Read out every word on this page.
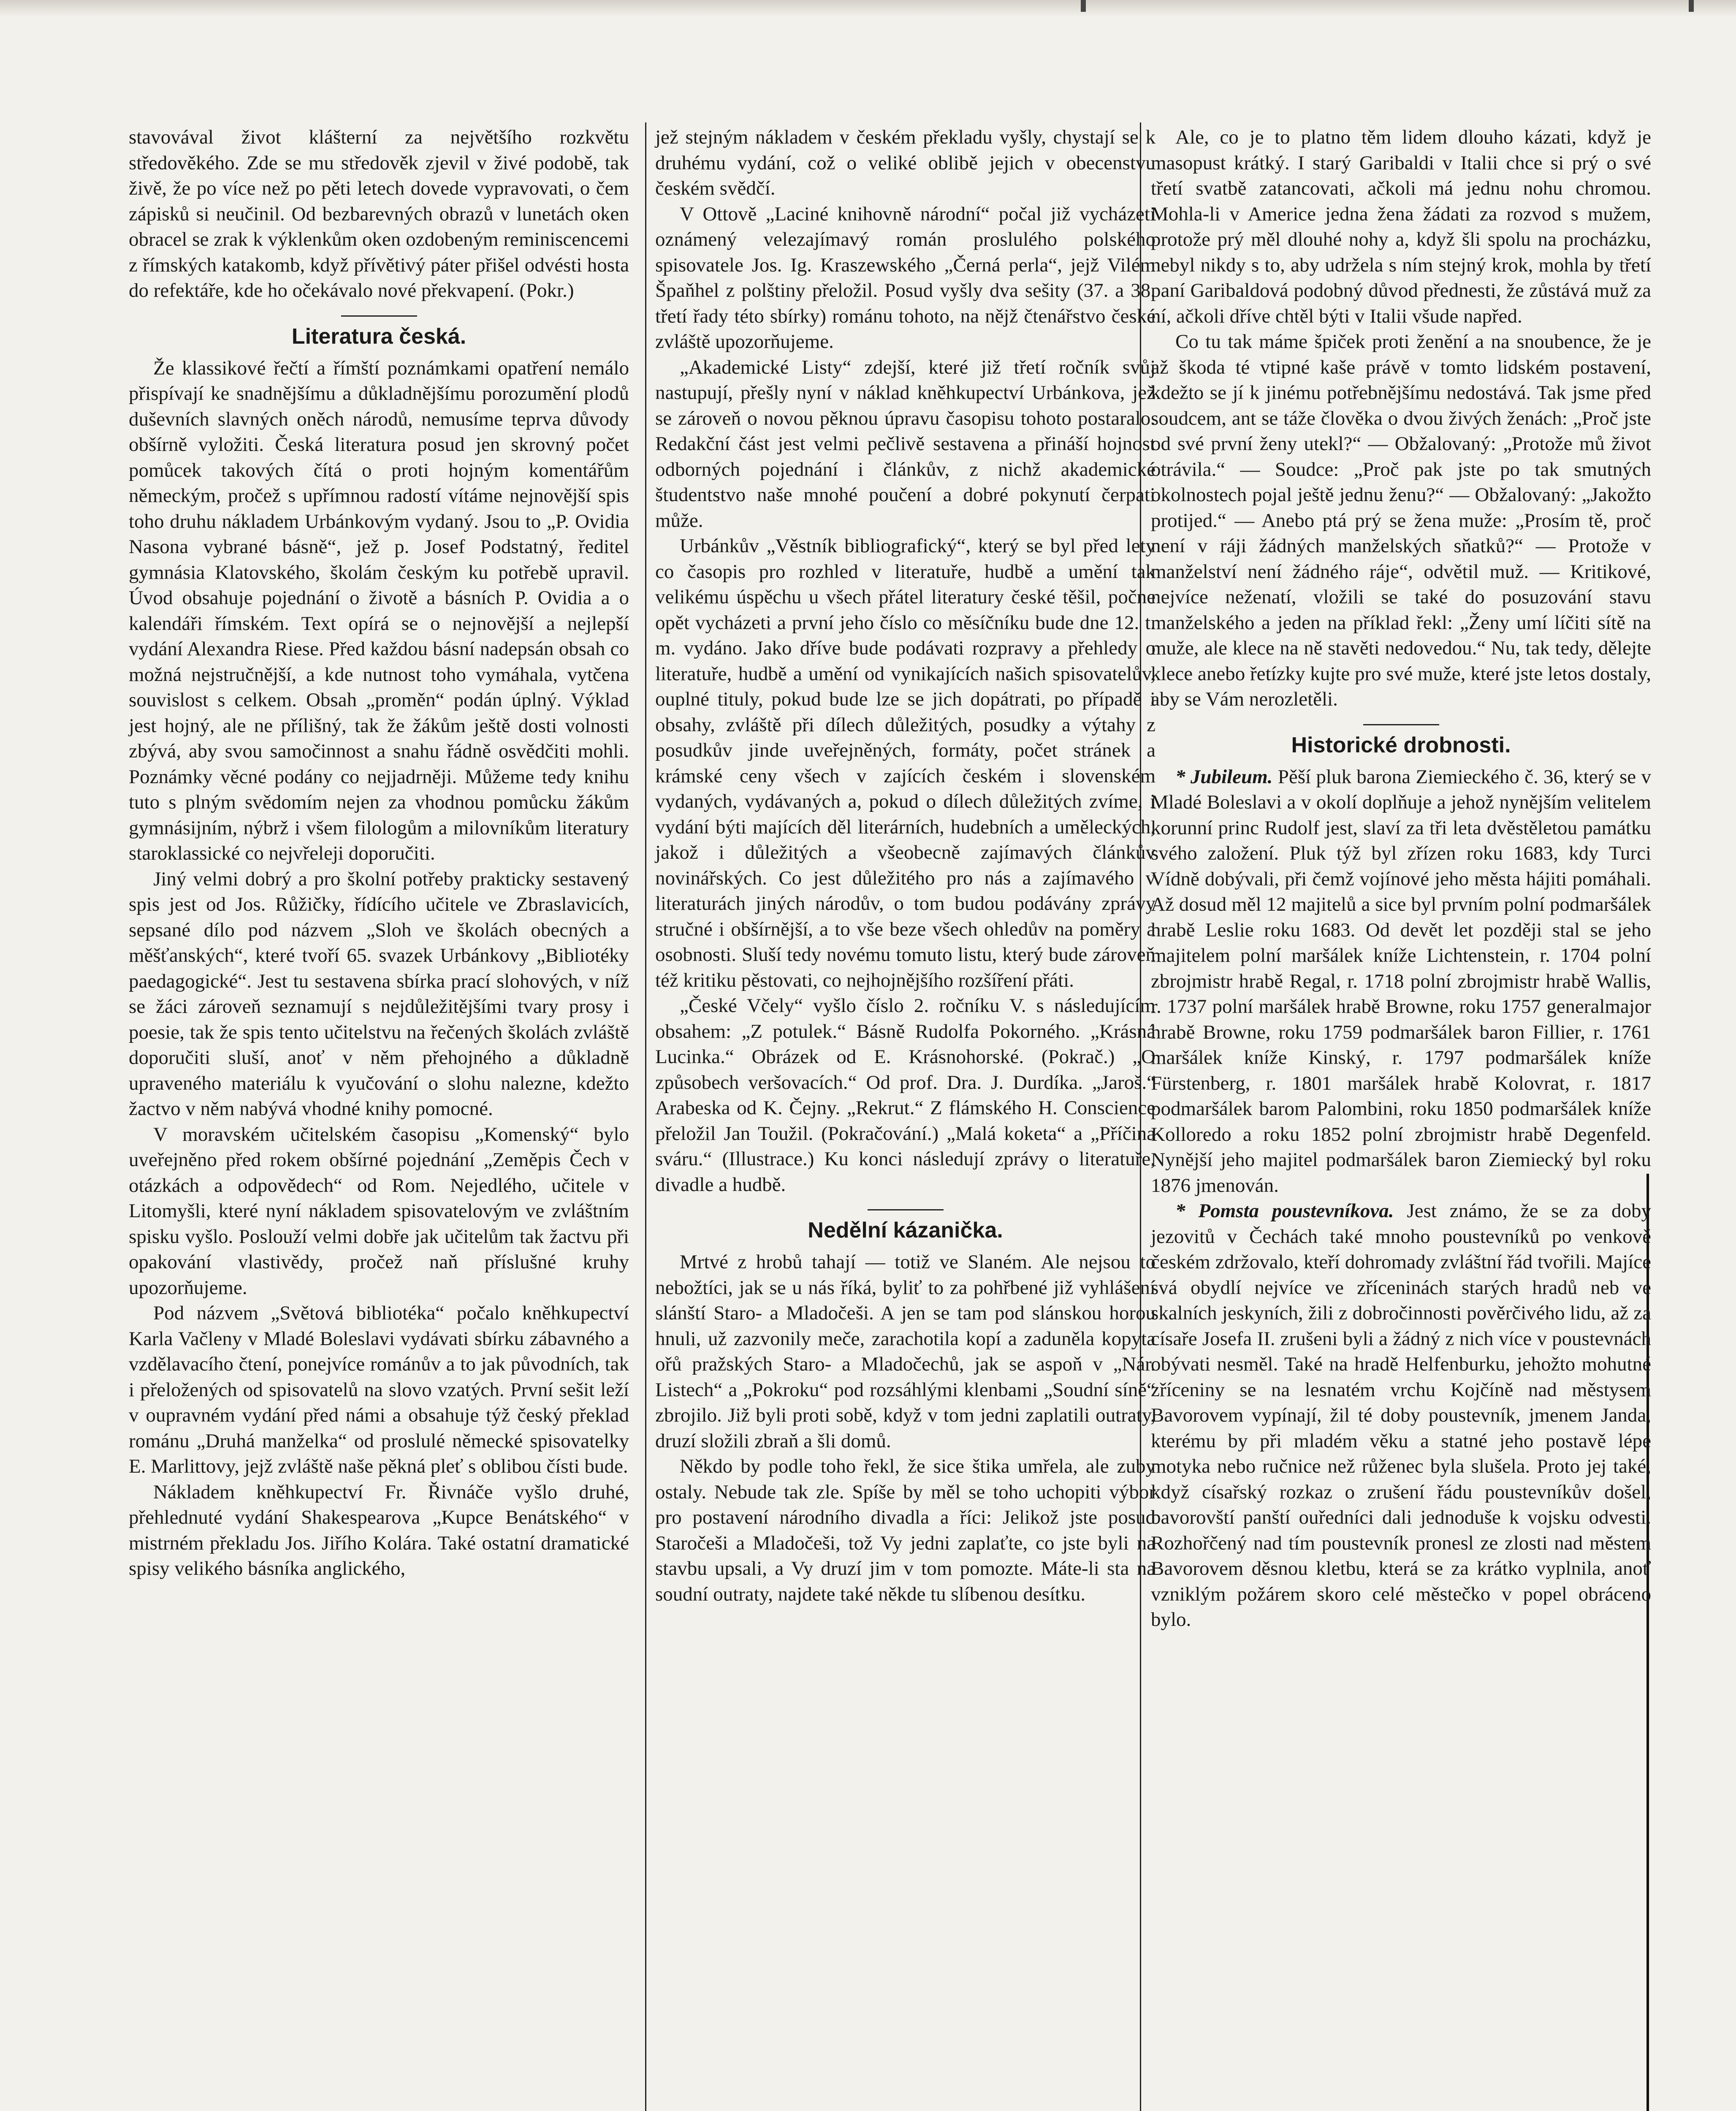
stavovával život klášterní za největšího rozkvětu středověkého. Zde se mu středověk zjevil v živé podobě, tak živě, že po více než po pěti letech dovede vypravovati, o čem zápisků si neučinil. Od bezbarevných obrazů v lunetách oken obracel se zrak k výklenkům oken ozdobeným reminiscencemi z římských katakomb, když přívětivý páter přišel odvésti hosta do refektáře, kde ho očekávalo nové překvapení. (Pokr.)

Literatura česká.

Že klassikové řečtí a římští poznámkami opatření nemálo přispívají ke snadnějšímu a důkladnějšímu porozumění plodů duševních slavných oněch národů, nemusíme teprva důvody obšírně vyložiti. Česká literatura posud jen skrovný počet pomůcek takových čítá o proti hojným komentářům německým, pročež s upřímnou radostí vítáme nejnovější spis toho druhu nákladem Urbánkovým vydaný. Jsou to „P. Ovidia Nasona vybrané básně“, jež p. Josef Podstatný, ředitel gymnásia Klatovského, školám českým ku potřebě upravil. Úvod obsahuje pojednání o životě a básních P. Ovidia a o kalendáři římském. Text opírá se o nejnovější a nejlepší vydání Alexandra Riese. Před každou básní nadepsán obsah co možná nejstručnější, a kde nutnost toho vymáhala, vytčena souvislost s celkem. Obsah „proměn“ podán úplný. Výklad jest hojný, ale ne přílišný, tak že žákům ještě dosti volnosti zbývá, aby svou samočinnost a snahu řádně osvědčiti mohli. Poznámky věcné podány co nejjadrněji. Můžeme tedy knihu tuto s plným svědomím nejen za vhodnou pomůcku žákům gymnásijním, nýbrž i všem filologům a milovníkům literatury staroklassické co nejvřeleji doporučiti.

Jiný velmi dobrý a pro školní potřeby prakticky sestavený spis jest od Jos. Růžičky, řídícího učitele ve Zbraslavicích, sepsané dílo pod názvem „Sloh ve školách obecných a měšťanských“, které tvoří 65. svazek Urbánkovy „Bibliotéky paedagogické“. Jest tu sestavena sbírka prací slohových, v níž se žáci zároveň seznamují s nejdůležitějšími tvary prosy i poesie, tak že spis tento učitelstvu na řečených školách zvláště doporučiti sluší, anoť v něm přehojného a důkladně upraveného materiálu k vyučování o slohu nalezne, kdežto žactvo v něm nabývá vhodné knihy pomocné.

V moravském učitelském časopisu „Komenský“ bylo uveřejněno před rokem obšírné pojednání „Zeměpis Čech v otázkách a odpovědech“ od Rom. Nejedlého, učitele v Litomyšli, které nyní nákladem spisovatelovým ve zvláštním spisku vyšlo. Poslouží velmi dobře jak učitelům tak žactvu při opakování vlastivědy, pročež naň příslušné kruhy upozorňujeme.

Pod názvem „Světová bibliotéka“ počalo kněhkupectví Karla Vačleny v Mladé Boleslavi vydávati sbírku zábavného a vzdělavacího čtení, ponejvíce románův a to jak původních, tak i přeložených od spisovatelů na slovo vzatých. První sešit leží v oupravném vydání před námi a obsahuje týž český překlad románu „Druhá manželka“ od proslulé německé spisovatelky E. Marlittovy, jejž zvláště naše pěkná pleť s oblibou čísti bude.

Nákladem kněhkupectví Fr. Řivnáče vyšlo druhé, přehlednuté vydání Shakespearova „Kupce Benátského“ v mistrném překladu Jos. Jiřího Kolára. Také ostatní dramatické spisy velikého básníka anglického,

jež stejným nákladem v českém překladu vyšly, chystají se k druhému vydání, což o veliké oblibě jejich v obecenstvu českém svědčí.

V Ottově „Laciné knihovně národní“ počal již vycházeti oznámený velezajímavý román proslulého polského spisovatele Jos. Ig. Kraszewského „Černá perla“, jejž Vilém Špaňhel z polštiny přeložil. Posud vyšly dva sešity (37. a 38. třetí řady této sbírky) románu tohoto, na nějž čtenářstvo české zvláště upozorňujeme.

„Akademické Listy“ zdejší, které již třetí ročník svůj nastupují, přešly nyní v náklad kněhkupectví Urbánkova, jež se zároveň o novou pěknou úpravu časopisu tohoto postaralo. Redakční část jest velmi pečlivě sestavena a přináší hojnost odborných pojednání i článkův, z nichž akademické študentstvo naše mnohé poučení a dobré pokynutí čerpati může.

Urbánkův „Věstník bibliografický“, který se byl před lety co časopis pro rozhled v literatuře, hudbě a umění tak velikému úspěchu u všech přátel literatury české těšil, počne opět vycházeti a první jeho číslo co měsíčníku bude dne 12. t. m. vydáno. Jako dříve bude podávati rozpravy a přehledy o literatuře, hudbě a umění od vynikajících našich spisovatelův, ouplné tituly, pokud bude lze se jich dopátrati, po případě i obsahy, zvláště při dílech důležitých, posudky a výtahy z posudkův jinde uveřejněných, formáty, počet stránek a krámské ceny všech v zajících českém i slovenském vydaných, vydávaných a, pokud o dílech důležitých zvíme, i vydání býti majících děl literárních, hudebních a uměleckých, jakož i důležitých a všeobecně zajímavých článkův novinářských. Co jest důležitého pro nás a zajímavého v literaturách jiných národův, o tom budou podávány zprávy stručné i obšírnější, a to vše beze všech ohledův na poměry a osobnosti. Sluší tedy novému tomuto listu, který bude zároveň též kritiku pěstovati, co nejhojnějšího rozšíření přáti.

„České Včely“ vyšlo číslo 2. ročníku V. s následujícím obsahem: „Z potulek.“ Básně Rudolfa Pokorného. „Krásná Lucinka.“ Obrázek od E. Krásnohorské. (Pokrač.) „O způsobech veršovacích.“ Od prof. Dra. J. Durdíka. „Jaroš.“ Arabeska od K. Čejny. „Rekrut.“ Z flámského H. Conscience přeložil Jan Toužil. (Pokračování.) „Malá koketa“ a „Příčina sváru.“ (Illustrace.) Ku konci následují zprávy o literatuře, divadle a hudbě.

Nedělní kázanička.

Mrtvé z hrobů tahají — totiž ve Slaném. Ale nejsou to nebožtíci, jak se u nás říká, byliť to za pohřbené již vyhlášení slánští Staro- a Mladočeši. A jen se tam pod slánskou horou hnuli, už zazvonily meče, zarachotila kopí a zaduněla kopyta ořů pražských Staro- a Mladočechů, jak se aspoň v „Nár. Listech“ a „Pokroku“ pod rozsáhlými klenbami „Soudní síně“ zbrojilo. Již byli proti sobě, když v tom jedni zaplatili outraty, druzí složili zbraň a šli domů.

Někdo by podle toho řekl, že sice štika umřela, ale zuby ostaly. Nebude tak zle. Spíše by měl se toho uchopiti výbor pro postavení národního divadla a říci: Jelikož jste posud Staročeši a Mladočeši, tož Vy jedni zaplaťte, co jste byli na stavbu upsali, a Vy druzí jim v tom pomozte. Máte-li sta na soudní outraty, najdete také někde tu slíbenou desítku.

Ale, co je to platno těm lidem dlouho kázati, když je masopust krátký. I starý Garibaldi v Italii chce si prý o své třetí svatbě zatancovati, ačkoli má jednu nohu chromou. Mohla-li v Americe jedna žena žádati za rozvod s mužem, protože prý měl dlouhé nohy a, když šli spolu na procházku, nebyl nikdy s to, aby udržela s ním stejný krok, mohla by třetí paní Garibaldová podobný důvod přednesti, že zůstává muž za ní, ačkoli dříve chtěl býti v Italii všude napřed.

Co tu tak máme špiček proti ženění a na snoubence, že je až škoda té vtipné kaše právě v tomto lidském postavení, kdežto se jí k jinému potřebnějšímu nedostává. Tak jsme před soudcem, ant se táže člověka o dvou živých ženách: „Proč jste od své první ženy utekl?“ — Obžalovaný: „Protože mů život otrávila.“ — Soudce: „Proč pak jste po tak smutných okolnostech pojal ještě jednu ženu?“ — Obžalovaný: „Jakožto protijed.“ — Anebo ptá prý se žena muže: „Prosím tě, proč není v ráji žádných manželských sňatků?“ — Protože v manželství není žádného ráje“, odvětil muž. — Kritikové, nejvíce neženatí, vložili se také do posuzování stavu manželského a jeden na příklad řekl: „Ženy umí líčiti sítě na muže, ale klece na ně stavěti nedovedou.“ Nu, tak tedy, dělejte klece anebo řetízky kujte pro své muže, které jste letos dostaly, aby se Vám nerozletěli.

Historické drobnosti.

* Jubileum. Pěší pluk barona Ziemieckého č. 36, který se v Mladé Boleslavi a v okolí doplňuje a jehož nynějším velitelem korunní princ Rudolf jest, slaví za tři leta dvěstěletou památku svého založení. Pluk týž byl zřízen roku 1683, kdy Turci Vídně dobývali, při čemž vojínové jeho města hájiti pomáhali. Až dosud měl 12 majitelů a sice byl prvním polní podmaršálek hrabě Leslie roku 1683. Od devět let později stal se jeho majitelem polní maršálek kníže Lichtenstein, r. 1704 polní zbrojmistr hrabě Regal, r. 1718 polní zbrojmistr hrabě Wallis, r. 1737 polní maršálek hrabě Browne, roku 1757 generalmajor hrabě Browne, roku 1759 podmaršálek baron Fillier, r. 1761 maršálek kníže Kinský, r. 1797 podmaršálek kníže Fürstenberg, r. 1801 maršálek hrabě Kolovrat, r. 1817 podmaršálek barom Palombini, roku 1850 podmaršálek kníže Kolloredo a roku 1852 polní zbrojmistr hrabě Degenfeld. Nynější jeho majitel podmaršálek baron Ziemiecký byl roku 1876 jmenován.

* Pomsta poustevníkova. Jest známo, že se za doby jezovitů v Čechách také mnoho poustevníků po venkově českém zdržovalo, kteří dohromady zvláštní řád tvořili. Majíce svá obydlí nejvíce ve zříceninách starých hradů neb ve skalních jeskyních, žili z dobročinnosti pověrčivého lidu, až za císaře Josefa II. zrušeni byli a žádný z nich více v poustevnách obývati nesměl. Také na hradě Helfenburku, jehožto mohutné zříceniny se na lesnatém vrchu Kojčíně nad městysem Bavorovem vypínají, žil té doby poustevník, jmenem Janda, kterému by při mladém věku a statné jeho postavě lépe motyka nebo ručnice než růženec byla slušela. Proto jej také, když císařský rozkaz o zrušení řádu poustevníkův došel, bavorovští panští ouředníci dali jednoduše k vojsku odvesti. Rozhořčený nad tím poustevník pronesl ze zlosti nad městem Bavorovem děsnou kletbu, která se za krátko vyplnila, anoť vzniklým požárem skoro celé městečko v popel obráceno bylo.
